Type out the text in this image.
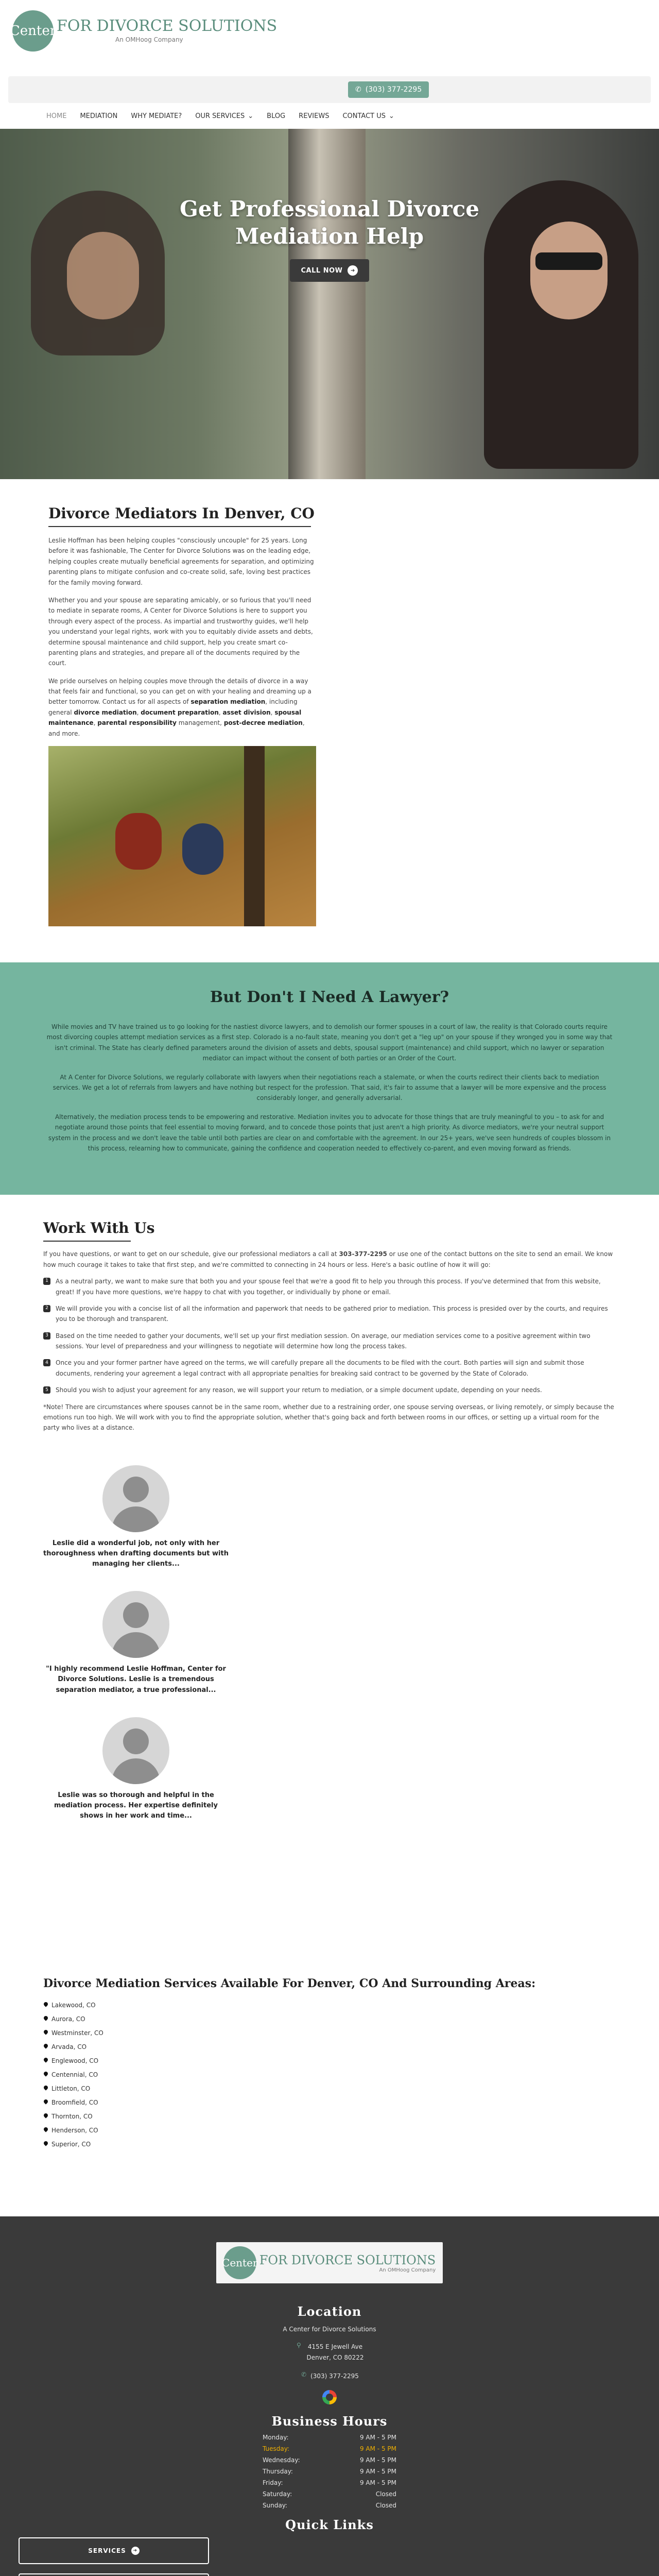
Center FOR DIVORCE SOLUTIONS
An OMHoog Company
✆ (303) 377-2295
HOME MEDIATION WHY MEDIATE? OUR SERVICES ⌄ BLOG REVIEWS CONTACT US ⌄
Get Professional Divorce
Mediation Help
CALL NOW	➜
Divorce Mediators In Denver, CO

Leslie Hoffman has been helping couples "consciously uncouple" for 25 years. Long before it was fashionable, The Center for Divorce Solutions was on the leading edge, helping couples create mutually beneficial agreements for separation, and optimizing parenting plans to mitigate confusion and co-create solid, safe, loving best practices for the family moving forward.

Whether you and your spouse are separating amicably, or so furious that you'll need to mediate in separate rooms, A Center for Divorce Solutions is here to support you through every aspect of the process. As impartial and trustworthy guides, we'll help you understand your legal rights, work with you to equitably divide assets and debts, determine spousal maintenance and child support, help you create smart co-parenting plans and strategies, and prepare all of the documents required by the court.

We pride ourselves on helping couples move through the details of divorce in a way that feels fair and functional, so you can get on with your healing and dreaming up a better tomorrow. Contact us for all aspects of separation mediation, including general divorce mediation, document preparation, asset division, spousal maintenance, parental responsibility management, post-decree mediation, and more.

But Don't I Need A Lawyer?

While movies and TV have trained us to go looking for the nastiest divorce lawyers, and to demolish our former spouses in a court of law, the reality is that Colorado courts require most divorcing couples attempt mediation services as a first step. Colorado is a no-fault state, meaning you don't get a "leg up" on your spouse if they wronged you in some way that isn't criminal. The State has clearly defined parameters around the division of assets and debts, spousal support (maintenance) and child support, which no lawyer or separation mediator can impact without the consent of both parties or an Order of the Court.

At A Center for Divorce Solutions, we regularly collaborate with lawyers when their negotiations reach a stalemate, or when the courts redirect their clients back to mediation services. We get a lot of referrals from lawyers and have nothing but respect for the profession. That said, it's fair to assume that a lawyer will be more expensive and the process considerably longer, and generally adversarial.

Alternatively, the mediation process tends to be empowering and restorative. Mediation invites you to advocate for those things that are truly meaningful to you – to ask for and negotiate around those points that feel essential to moving forward, and to concede those points that just aren't a high priority. As divorce mediators, we're your neutral support system in the process and we don't leave the table until both parties are clear on and comfortable with the agreement. In our 25+ years, we've seen hundreds of couples blossom in this process, relearning how to communicate, gaining the confidence and cooperation needed to effectively co-parent, and even moving forward as friends.

Work With Us

If you have questions, or want to get on our schedule, give our professional mediators a call at 303-377-2295 or use one of the contact buttons on the site to send an email. We know how much courage it takes to take that first step, and we're committed to connecting in 24 hours or less. Here's a basic outline of how it will go:

1	As a neutral party, we want to make sure that both you and your spouse feel that we're a good fit to help you through this process. If you've determined that from this website, great! If you have more questions, we're happy to chat with you together, or individually by phone or email.
2	We will provide you with a concise list of all the information and paperwork that needs to be gathered prior to mediation. This process is presided over by the courts, and requires you to be thorough and transparent.
3	Based on the time needed to gather your documents, we'll set up your first mediation session. On average, our mediation services come to a positive agreement within two sessions. Your level of preparedness and your willingness to negotiate will determine how long the process takes.
4	Once you and your former partner have agreed on the terms, we will carefully prepare all the documents to be filed with the court. Both parties will sign and submit those documents, rendering your agreement a legal contract with all appropriate penalties for breaking said contract to be governed by the State of Colorado.
5	Should you wish to adjust your agreement for any reason, we will support your return to mediation, or a simple document update, depending on your needs.

*Note! There are circumstances where spouses cannot be in the same room, whether due to a restraining order, one spouse serving overseas, or living remotely, or simply because the emotions run too high. We will work with you to find the appropriate solution, whether that's going back and forth between rooms in our offices, or setting up a virtual room for the party who lives at a distance.

Leslie did a wonderful job, not only with her thoroughness when drafting documents but with managing her clients...

"I highly recommend Leslie Hoffman, Center for Divorce Solutions. Leslie is a tremendous separation mediator, a true professional...

Leslie was so thorough and helpful in the mediation process. Her expertise definitely shows in her work and time...

Divorce Mediation Services Available For Denver, CO And Surrounding Areas:
Lakewood, CO
Aurora, CO
Westminster, CO
Arvada, CO
Englewood, CO
Centennial, CO
Littleton, CO
Broomfield, CO
Thornton, CO
Henderson, CO
Superior, CO
Center FOR DIVORCE SOLUTIONS
An OMHoog Company
Location
A Center for Divorce Solutions
⚲ 4155 E Jewell Ave
Denver, CO 80222
✆ (303) 377-2295
Business Hours
Monday:	9 AM - 5 PM
Tuesday:	9 AM - 5 PM
Wednesday:	9 AM - 5 PM
Thursday:	9 AM - 5 PM
Friday:	9 AM - 5 PM
Saturday:	Closed
Sunday:	Closed
Quick Links
SERVICES	➜
